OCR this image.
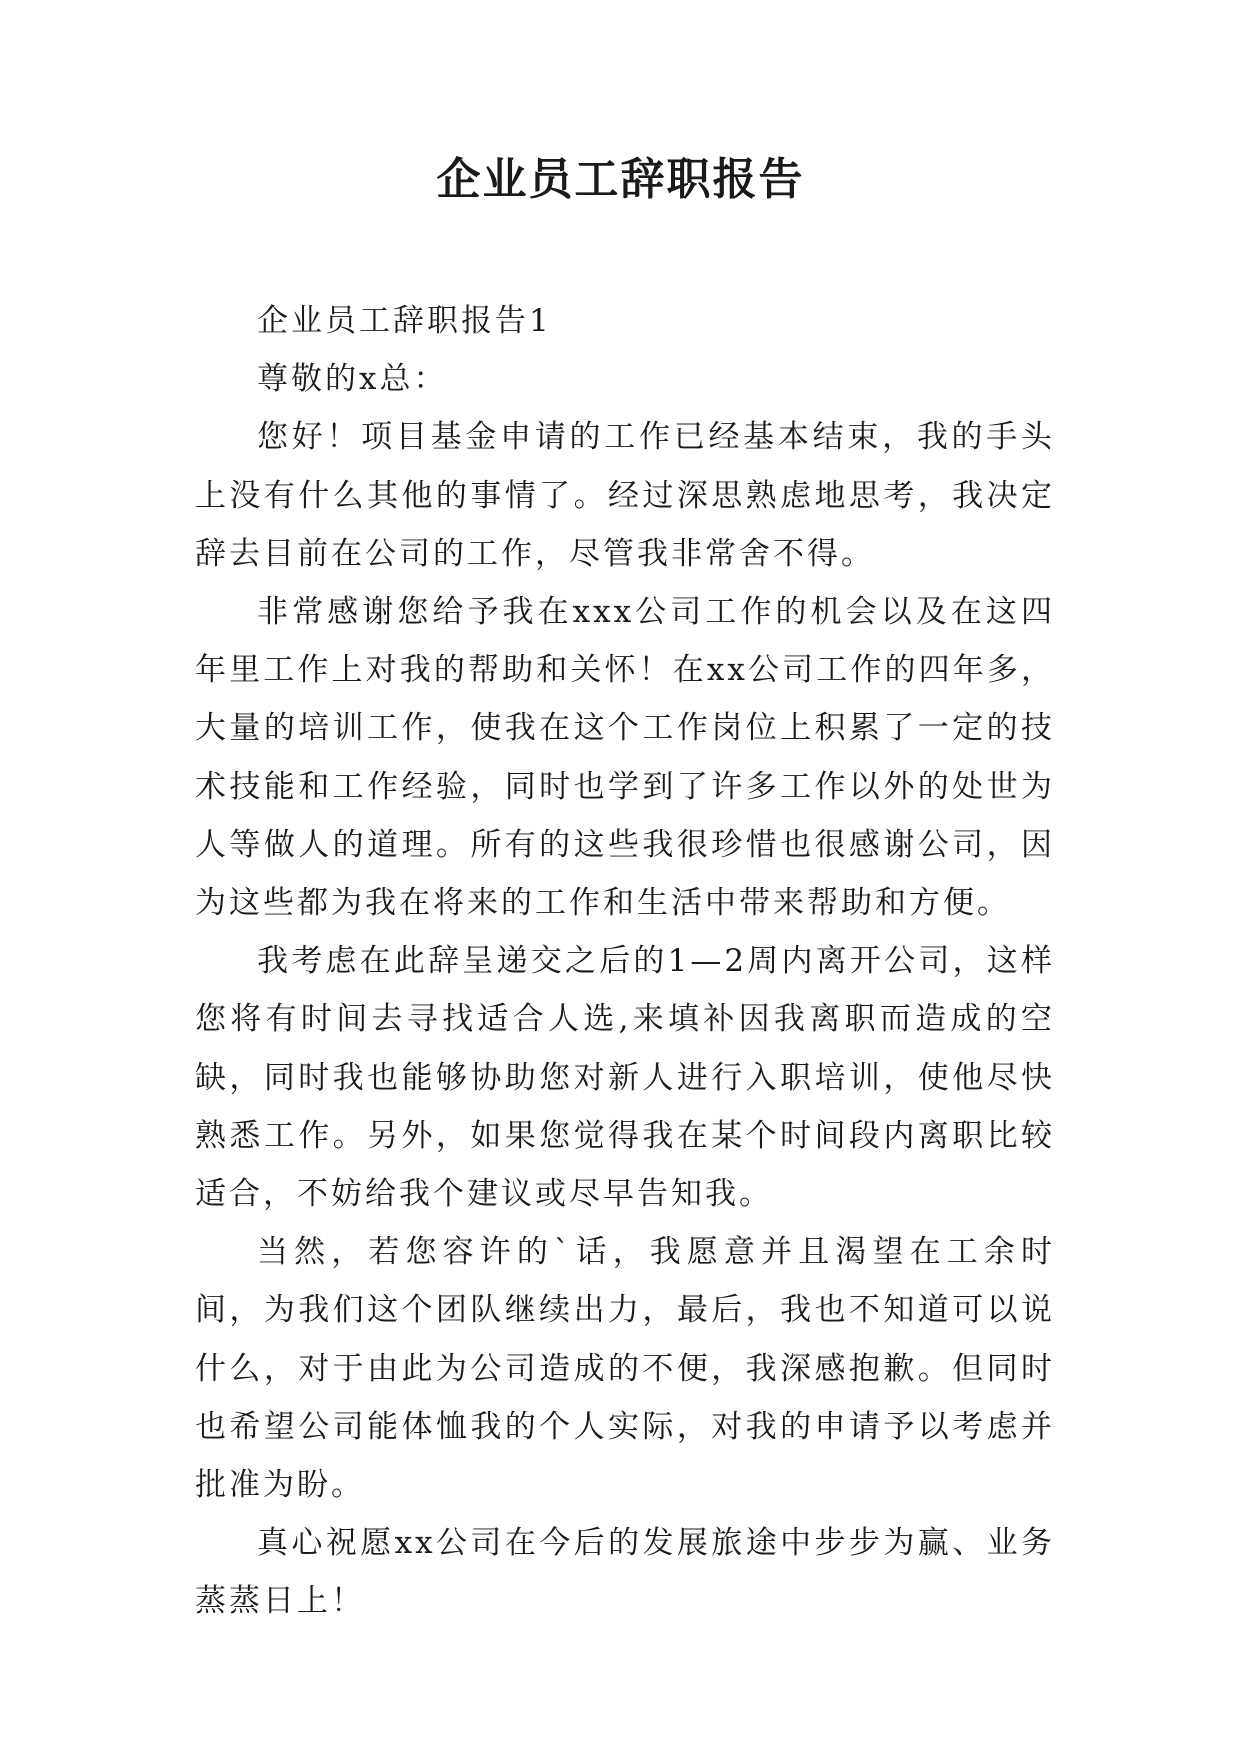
企业员工辞职报告

企业员工辞职报告1

尊敬的x总：

您好！项目基金申请的工作已经基本结束，我的手头上没有什么其他的事情了。经过深思熟虑地思考，我决定辞去目前在公司的工作，尽管我非常舍不得。

非常感谢您给予我在xxx公司工作的机会以及在这四年里工作上对我的帮助和关怀！在xx公司工作的四年多，大量的培训工作，使我在这个工作岗位上积累了一定的技术技能和工作经验，同时也学到了许多工作以外的处世为人等做人的道理。所有的这些我很珍惜也很感谢公司，因为这些都为我在将来的工作和生活中带来帮助和方便。

我考虑在此辞呈递交之后的1—2周内离开公司，这样您将有时间去寻找适合人选,来填补因我离职而造成的空缺，同时我也能够协助您对新人进行入职培训，使他尽快熟悉工作。另外，如果您觉得我在某个时间段内离职比较适合，不妨给我个建议或尽早告知我。

当然，若您容许的`话，我愿意并且渴望在工余时间，为我们这个团队继续出力，最后，我也不知道可以说什么，对于由此为公司造成的不便，我深感抱歉。但同时也希望公司能体恤我的个人实际，对我的申请予以考虑并批准为盼。

真心祝愿xx公司在今后的发展旅途中步步为赢、业务蒸蒸日上！
